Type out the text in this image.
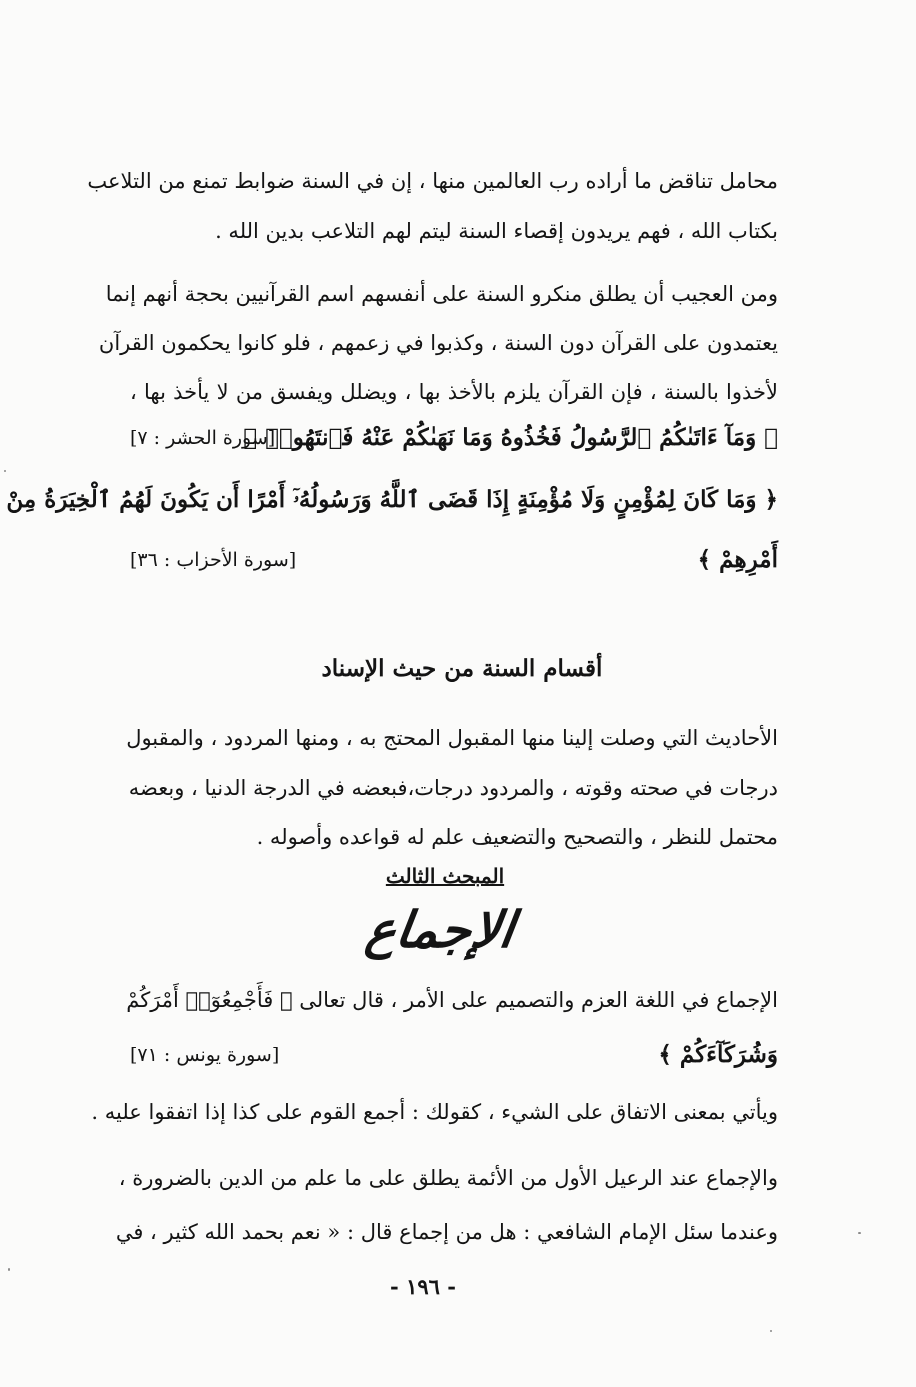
محامل تناقض ما أراده رب العالمين منها ، إن في السنة ضوابط تمنع من التلاعب
بكتاب الله ، فهم يريدون إقصاء السنة ليتم لهم التلاعب بدين الله .
ومن العجيب أن يطلق منكرو السنة على أنفسهم اسم القرآنيين بحجة أنهم إنما
يعتمدون على القرآن دون السنة ، وكذبوا في زعمهم ، فلو كانوا يحكمون القرآن
لأخذوا بالسنة ، فإن القرآن يلزم بالأخذ بها ، ويضلل ويفسق من لا يأخذ بها ،
﴿ وَمَآ ءَاتَىٰكُمُ ٱلرَّسُولُ فَخُذُوهُ وَمَا نَهَىٰكُمْ عَنْهُ فَٱنتَهُوا۟ ﴾
[سورة الحشر : ٧]
﴿ وَمَا كَانَ لِمُؤْمِنٍ وَلَا مُؤْمِنَةٍ إِذَا قَضَى ٱللَّهُ وَرَسُولُهُۥٓ أَمْرًا أَن يَكُونَ لَهُمُ ٱلْخِيَرَةُ مِنْ
أَمْرِهِمْ ﴾
[سورة الأحزاب : ٣٦]
أقسام السنة من حيث الإسناد
الأحاديث التي وصلت إلينا منها المقبول المحتج به ، ومنها المردود ، والمقبول
درجات في صحته وقوته ، والمردود درجات،فبعضه في الدرجة الدنيا ، وبعضه
محتمل للنظر ، والتصحيح والتضعيف علم له قواعده وأصوله .
المبحث الثالث
الإجماع
الإجماع في اللغة العزم والتصميم على الأمر ، قال تعالى ﴿ فَأَجْمِعُوٓا۟ أَمْرَكُمْ
وَشُرَكَآءَكُمْ ﴾
[سورة يونس : ٧١]
ويأتي بمعنى الاتفاق على الشيء ، كقولك : أجمع القوم على كذا إذا اتفقوا عليه .
والإجماع عند الرعيل الأول من الأئمة يطلق على ما علم من الدين بالضرورة ،
وعندما سئل الإمام الشافعي : هل من إجماع قال : « نعم بحمد الله كثير ، في
- ١٩٦ -
